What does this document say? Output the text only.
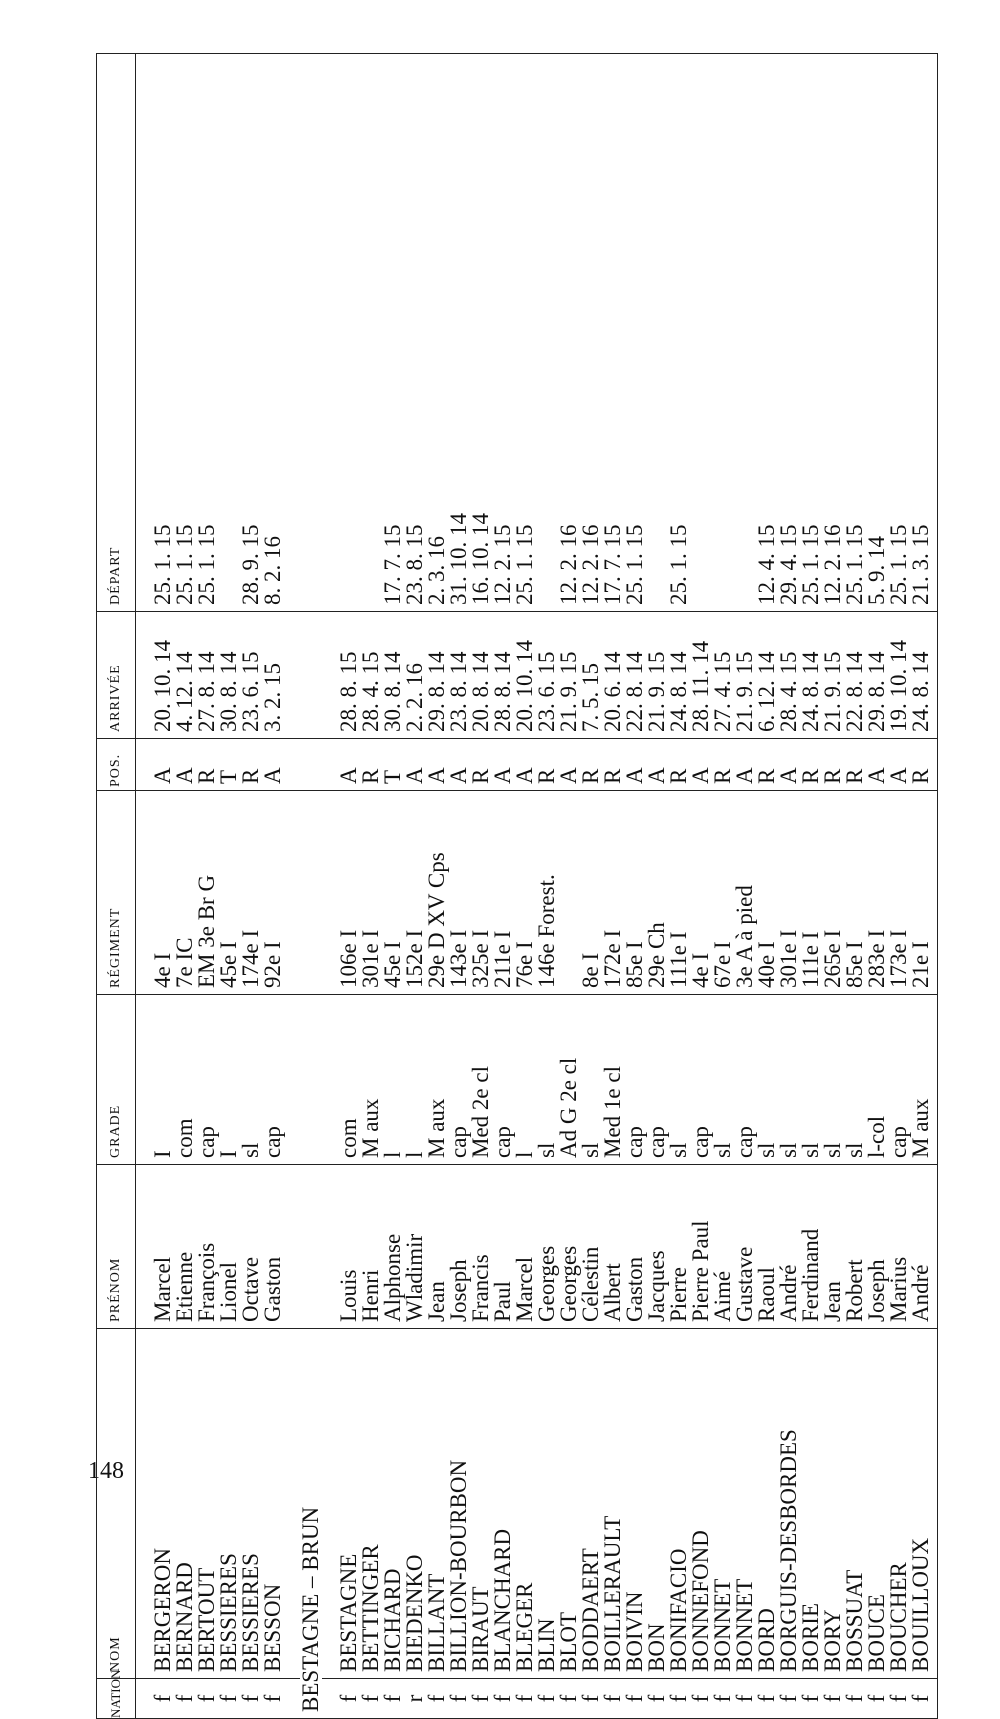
148
NATION	NOM	PRÉNOM	GRADE	RÉGIMENT	POS.	ARRIVÉE	DÉPART

f	BERGERON	Marcel	I	4e I	A	20. 10. 14	25. 1. 15
f	BERNARD	Etienne	com	7e IC	A	4. 12. 14	25. 1. 15
f	BERTOUT	François	cap	EM 3e Br G	R	27. 8. 14	25. 1. 15
f	BESSIERES	Lionel	I	45e I	T	30. 8. 14	
f	BESSIERES	Octave	sl	174e I	R	23. 6. 15	28. 9. 15
f	BESSON	Gaston	cap	92e I	A	3. 2. 15	8. 2. 16

BESTAGNE – BRUN							

f	BESTAGNE	Louis	com	106e I	A	28. 8. 15	
f	BETTINGER	Henri	M aux	301e I	R	28. 4. 15	
f	BICHARD	Alphonse	l	45e I	T	30. 8. 14	17. 7. 15
r	BIEDENKO	Wladimir	l	152e I	A	2. 2. 16	23. 8. 15
f	BILLANT	Jean	M aux	29e D XV Cps	A	29. 8. 14	2. 3. 16
f	BILLION-BOURBON	Joseph	cap	143e I	A	23. 8. 14	31. 10. 14
f	BIRAUT	Francis	Med 2e cl	325e I	R	20. 8. 14	16. 10. 14
f	BLANCHARD	Paul	cap	211e I	A	28. 8. 14	12. 2. 15
f	BLEGER	Marcel	l	76e I	A	20. 10. 14	25. 1. 15
f	BLIN	Georges	sl	146e Forest.	R	23. 6. 15	
f	BLOT	Georges	Ad G 2e cl		A	21. 9. 15	12. 2. 16
f	BODDAERT	Célestin	sl	8e I	R	7. 5. 15	12. 2. 16
f	BOILLERAULT	Albert	Med 1e cl	172e I	R	20. 6. 14	17. 7. 15
f	BOIVIN	Gaston	cap	85e I	A	22. 8. 14	25. 1. 15
f	BON	Jacques	cap	29e Ch	A	21. 9. 15	
f	BONIFACIO	Pierre	sl	111e I	R	24. 8. 14	25. 1. 15
f	BONNEFOND	Pierre Paul	cap	4e I	A	28. 11. 14	
f	BONNET	Aimé	sl	67e I	R	27. 4. 15	
f	BONNET	Gustave	cap	3e A à pied	A	21. 9. 15	
f	BORD	Raoul	sl	40e I	R	6. 12. 14	12. 4. 15
f	BORGUIS-DESBORDES	André	sl	301e I	A	28. 4. 15	29. 4. 15
f	BORIE	Ferdinand	sl	111e I	R	24. 8. 14	25. 1. 15
f	BORY	Jean	sl	265e I	R	21. 9. 15	12. 2. 16
f	BOSSUAT	Robert	sl	85e I	R	22. 8. 14	25. 1. 15
f	BOUCE	Joseph	l-col	283e I	A	29. 8. 14	5. 9. 14
f	BOUCHER	Marius	cap	173e I	A	19. 10. 14	25. 1. 15
f	BOUILLOUX	André	M aux	21e I	R	24. 8. 14	21. 3. 15
